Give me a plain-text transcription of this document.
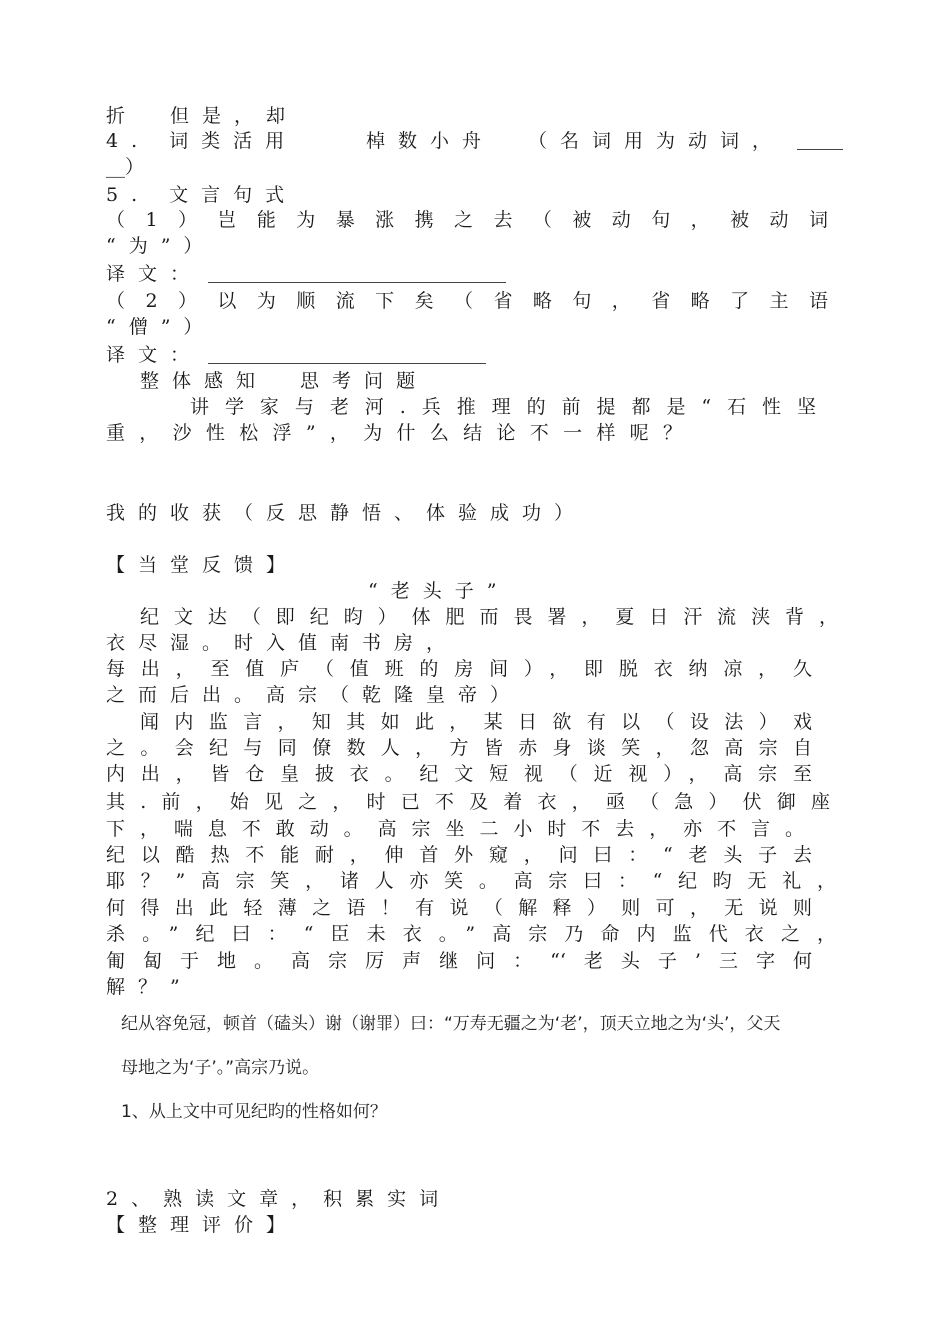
折　但是，却
4. 词类活用	棹数小舟 （名词用为动词，
__）
5. 文言句式
（1）岂能为暴涨携之去（被动句，被动词
“为”）
译文：
（2）以为顺流下矣（省略句，省略了主语
“僧”）
译文：
整体感知　思考问题
讲学家与老河.兵推理的前提都是“石性坚
重，沙性松浮”，为什么结论不一样呢？
我的收获（反思静悟、体验成功）
【当堂反馈】
“老头子”
纪文达（即纪昀）体肥而畏署，夏日汗流浃背，
衣尽湿。时入值南书房，
每出，至值庐（值班的房间），即脱衣纳凉，久
之而后出。高宗（乾隆皇帝）
闻内监言，知其如此，某日欲有以（设法）戏
之。会纪与同僚数人，方皆赤身谈笑，忽高宗自
内出，皆仓皇披衣。纪文短视（近视），高宗至
其.前，始见之，时已不及着衣，亟（急）伏御座
下，喘息不敢动。高宗坐二小时不去，亦不言。
纪以酷热不能耐，伸首外窥，问曰：“老头子去
耶？”高宗笑，诸人亦笑。高宗曰：“纪昀无礼，
何得出此轻薄之语！有说（解释）则可，无说则
杀。”纪曰：“臣未衣。”高宗乃命内监代衣之，
匍匐于地。高宗厉声继问：“‘老头子’三字何
解？”
纪从容免冠，顿首（磕头）谢（谢罪）曰：“万寿无疆之为‘老’，顶天立地之为‘头’，父天
母地之为‘子’。”高宗乃说。
1、从上文中可见纪昀的性格如何？
2、熟读文章，积累实词
【整理评价】
